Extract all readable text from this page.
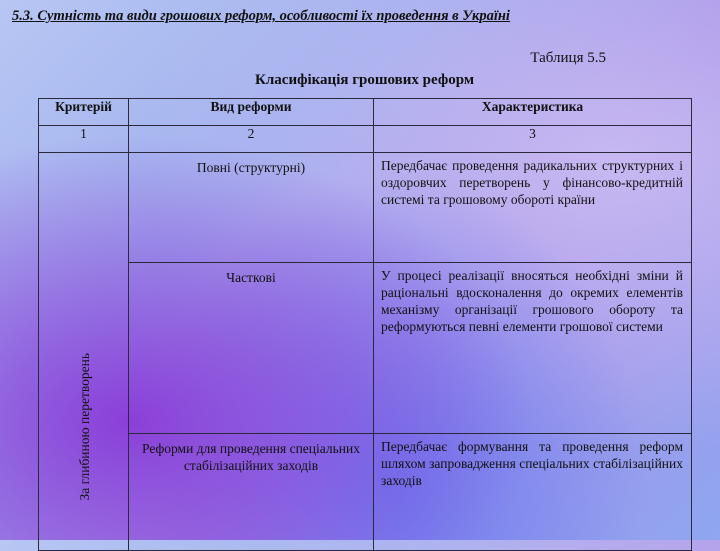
5.3. Сутність та види грошових реформ, особливості їх проведення в Україні
Таблиця 5.5
Класифікація грошових реформ
Критерій	Вид реформи	Характеристика
1	2	3

За глибиною перетворень	Повні (структурні)	Передбачає проведення радикальних структурних і оздоровчих перетворень у фінансово-кредитній системі та грошовому обороті країни
	Часткові	У процесі реалізації вносяться необхідні зміни й раціональні вдосконалення до окремих елементів механізму організації грошового обороту та реформуються певні елементи грошової системи
	Реформи для проведення спеціальних стабілізаційних заходів	Передбачає формування та проведення реформ шляхом запровадження спеціальних стабілізаційних заходів
